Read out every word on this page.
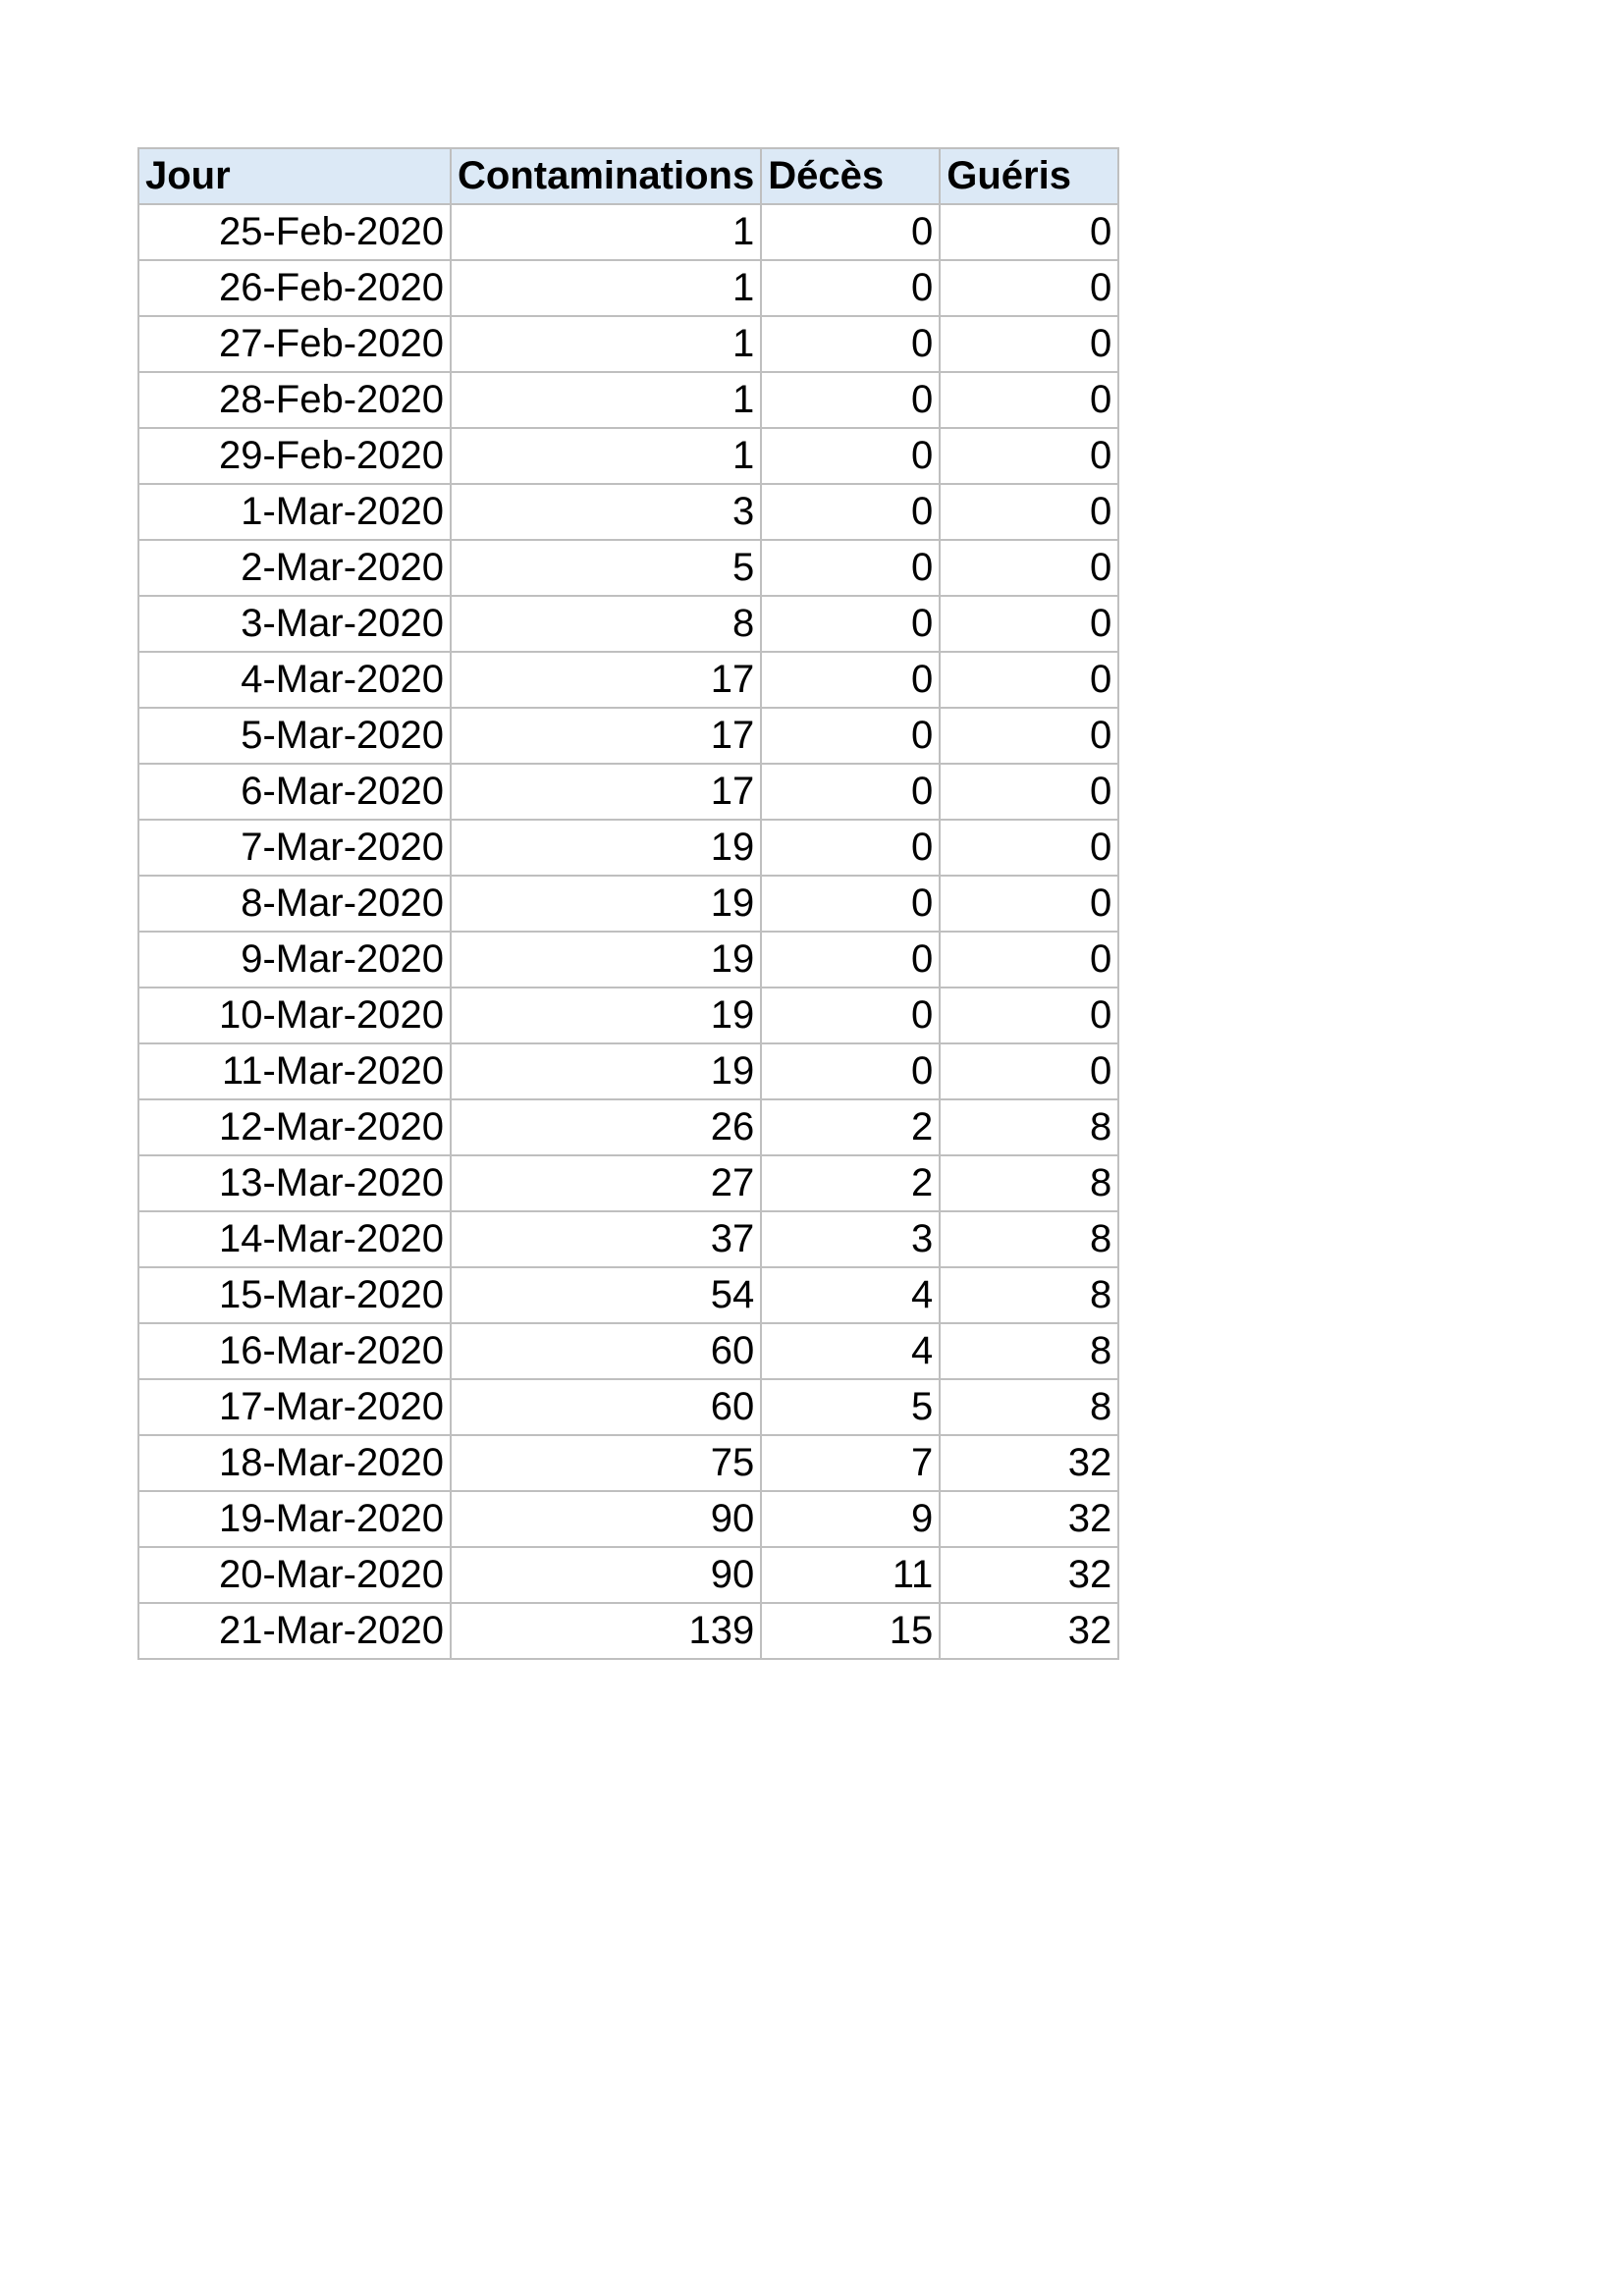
Jour	Contaminations	Décès	Guéris
25-Feb-2020	1	0	0
26-Feb-2020	1	0	0
27-Feb-2020	1	0	0
28-Feb-2020	1	0	0
29-Feb-2020	1	0	0
1-Mar-2020	3	0	0
2-Mar-2020	5	0	0
3-Mar-2020	8	0	0
4-Mar-2020	17	0	0
5-Mar-2020	17	0	0
6-Mar-2020	17	0	0
7-Mar-2020	19	0	0
8-Mar-2020	19	0	0
9-Mar-2020	19	0	0
10-Mar-2020	19	0	0
11-Mar-2020	19	0	0
12-Mar-2020	26	2	8
13-Mar-2020	27	2	8
14-Mar-2020	37	3	8
15-Mar-2020	54	4	8
16-Mar-2020	60	4	8
17-Mar-2020	60	5	8
18-Mar-2020	75	7	32
19-Mar-2020	90	9	32
20-Mar-2020	90	11	32
21-Mar-2020	139	15	32
